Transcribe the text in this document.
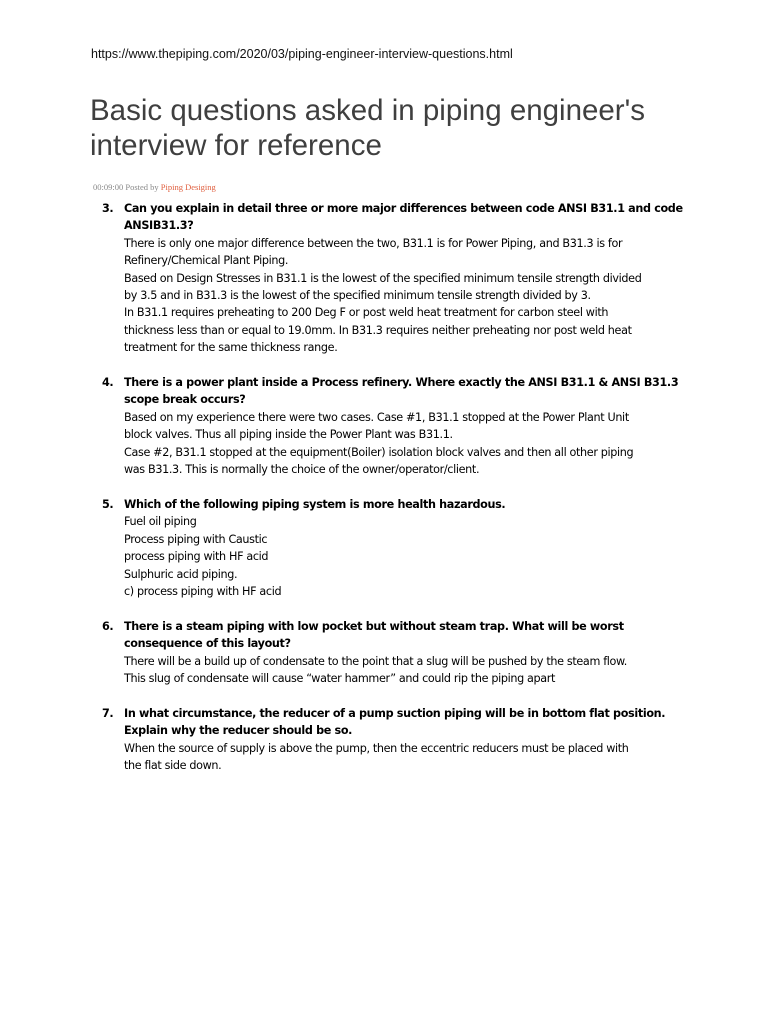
https://www.thepiping.com/2020/03/piping-engineer-interview-questions.html
Basic questions asked in piping engineer's interview for reference
00:09:00 Posted by Piping Desiging
3. Can you explain in detail three or more major differences between code ANSI B31.1 and code
ANSIB31.3?
There is only one major difference between the two, B31.1 is for Power Piping, and B31.3 is for
Refinery/Chemical Plant Piping.
Based on Design Stresses in B31.1 is the lowest of the specified minimum tensile strength divided
by 3.5 and in B31.3 is the lowest of the specified minimum tensile strength divided by 3.
In B31.1 requires preheating to 200 Deg F or post weld heat treatment for carbon steel with
thickness less than or equal to 19.0mm. In B31.3 requires neither preheating nor post weld heat
treatment for the same thickness range.
4. There is a power plant inside a Process refinery. Where exactly the ANSI B31.1 & ANSI B31.3
scope break occurs?
Based on my experience there were two cases. Case #1, B31.1 stopped at the Power Plant Unit
block valves. Thus all piping inside the Power Plant was B31.1.
Case #2, B31.1 stopped at the equipment(Boiler) isolation block valves and then all other piping
was B31.3. This is normally the choice of the owner/operator/client.
5. Which of the following piping system is more health hazardous.
Fuel oil piping
Process piping with Caustic
process piping with HF acid
Sulphuric acid piping.
c) process piping with HF acid
6. There is a steam piping with low pocket but without steam trap. What will be worst
consequence of this layout?
There will be a build up of condensate to the point that a slug will be pushed by the steam flow.
This slug of condensate will cause “water hammer” and could rip the piping apart
7. In what circumstance, the reducer of a pump suction piping will be in bottom flat position.
Explain why the reducer should be so.
When the source of supply is above the pump, then the eccentric reducers must be placed with
the flat side down.
